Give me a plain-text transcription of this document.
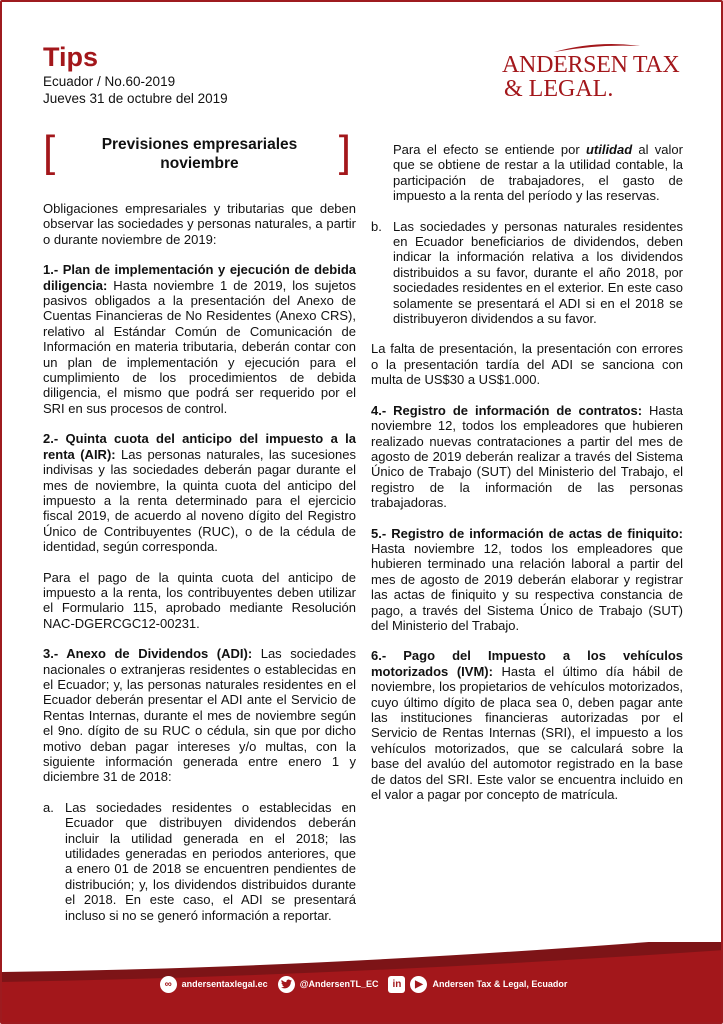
Tips
Ecuador / No.60-2019
Jueves 31 de octubre del 2019
ANDERSEN TAX
& LEGAL.
[	Previsiones empresariales noviembre	]

Obligaciones empresariales y tributarias que deben observar las sociedades y personas naturales, a partir o durante noviembre de 2019:

1.- Plan de implementación y ejecución de debida diligencia: Hasta noviembre 1 de 2019, los sujetos pasivos obligados a la presentación del Anexo de Cuentas Financieras de No Residentes (Anexo CRS), relativo al Estándar Común de Comunicación de Información en materia tributaria, deberán contar con un plan de implementación y ejecución para el cumplimiento de los procedimientos de debida diligencia, el mismo que podrá ser requerido por el SRI en sus procesos de control.

2.- Quinta cuota del anticipo del impuesto a la renta (AIR): Las personas naturales, las sucesiones indivisas y las sociedades deberán pagar durante el mes de noviembre, la quinta cuota del anticipo del impuesto a la renta determinado para el ejercicio fiscal 2019, de acuerdo al noveno dígito del Registro Único de Contribuyentes (RUC), o de la cédula de identidad, según corresponda.

Para el pago de la quinta cuota del anticipo de impuesto a la renta, los contribuyentes deben utilizar el Formulario 115, aprobado mediante Resolución NAC-DGERCGC12-00231.

3.- Anexo de Dividendos (ADI): Las sociedades nacionales o extranjeras residentes o establecidas en el Ecuador; y, las personas naturales residentes en el Ecuador deberán presentar el ADI ante el Servicio de Rentas Internas, durante el mes de noviembre según el 9no. dígito de su RUC o cédula, sin que por dicho motivo deban pagar intereses y/o multas, con la siguiente información generada entre enero 1 y diciembre 31 de 2018:

a. Las sociedades residentes o establecidas en Ecuador que distribuyen dividendos deberán incluir la utilidad generada en el 2018; las utilidades generadas en periodos anteriores, que a enero 01 de 2018 se encuentren pendientes de distribución; y, los dividendos distribuidos durante el 2018. En este caso, el ADI se presentará incluso si no se generó información a reportar.

Para el efecto se entiende por utilidad al valor que se obtiene de restar a la utilidad contable, la participación de trabajadores, el gasto de impuesto a la renta del período y las reservas.

b. Las sociedades y personas naturales residentes en Ecuador beneficiarios de dividendos, deben indicar la información relativa a los dividendos distribuidos a su favor, durante el año 2018, por sociedades residentes en el exterior. En este caso solamente se presentará el ADI si en el 2018 se distribuyeron dividendos a su favor.

La falta de presentación, la presentación con errores o la presentación tardía del ADI se sanciona con multa de US$30 a US$1.000.

4.- Registro de información de contratos: Hasta noviembre 12, todos los empleadores que hubieren realizado nuevas contrataciones a partir del mes de agosto de 2019 deberán realizar a través del Sistema Único de Trabajo (SUT) del Ministerio del Trabajo, el registro de la información de las personas trabajadoras.

5.- Registro de información de actas de finiquito: Hasta noviembre 12, todos los empleadores que hubieren terminado una relación laboral a partir del mes de agosto de 2019 deberán elaborar y registrar las actas de finiquito y su respectiva constancia de pago, a través del Sistema Único de Trabajo (SUT) del Ministerio del Trabajo.

6.- Pago del Impuesto a los vehículos motorizados (IVM): Hasta el último día hábil de noviembre, los propietarios de vehículos motorizados, cuyo último dígito de placa sea 0, deben pagar ante las instituciones financieras autorizadas por el Servicio de Rentas Internas (SRI), el impuesto a los vehículos motorizados, que se calculará sobre la base del avalúo del automotor registrado en la base de datos del SRI. Este valor se encuentra incluido en el valor a pagar por concepto de matrícula.

∞	andersentaxlegal.ec	@AndersenTL_EC	in	▶	Andersen Tax & Legal, Ecuador
